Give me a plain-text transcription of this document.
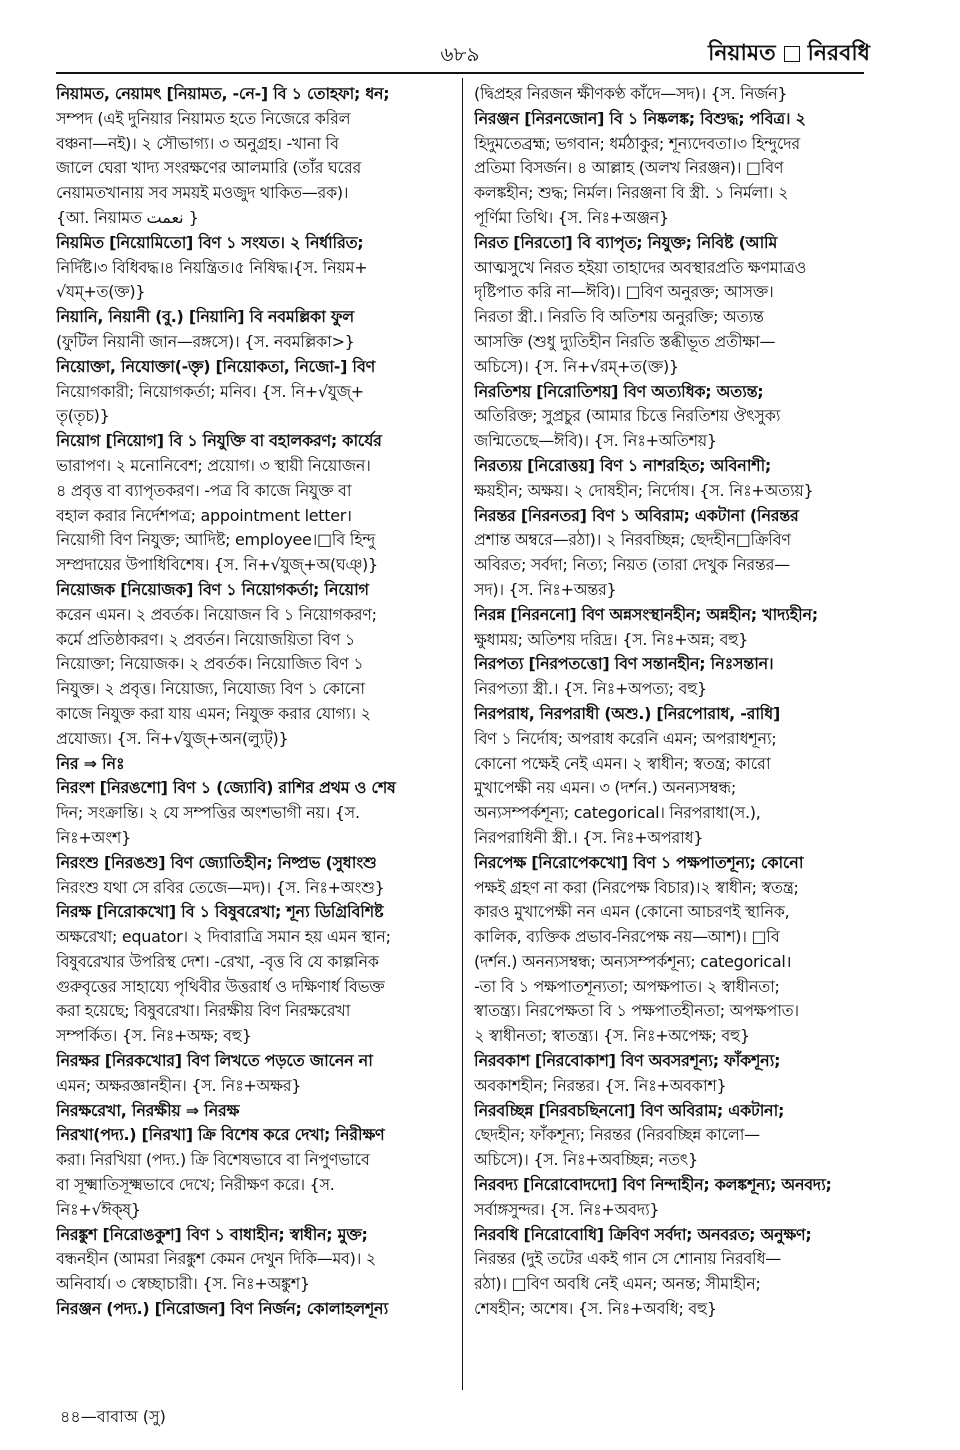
৬৮৯	নিয়ামত নিরবধি
নিয়ামত, নেয়ামৎ [নিয়ামত, -নে-] বি ১ তোহফা; ধন;
সম্পদ (এই দুনিয়ার নিয়ামত হতে নিজেরে করিল
বঞ্চনা—নই)। ২ সৌভাগ্য। ৩ অনুগ্রহ। -খানা বি
জালে ঘেরা খাদ্য সংরক্ষণের আলমারি (তাঁর ঘরের
নেয়ামতখানায় সব সময়ই মওজুদ থাকিত—রক)।
{আ. নিয়ামত نعمت }
নিয়মিত [নিয়োমিতো] বিণ ১ সংযত। ২ নির্ধারিত;
নির্দিষ্ট।৩ বিধিবদ্ধ।৪ নিয়ন্ত্রিত।৫ নিষিদ্ধ।{স. নিয়ম+
√যম্‌+ত(ক্ত)}
নিয়ানি, নিয়ানী (বু.) [নিয়ানি] বি নবমল্লিকা ফুল
(ফুটিল নিয়ানী জান—রঙ্গসে)। {স. নবমল্লিকা>}
নিয়োক্তা, নিযোক্তা(-ক্তৃ) [নিয়োকতা, নিজো-] বিণ
নিয়োগকারী; নিয়োগকর্তা; মনিব। {স. নি+√যুজ্‌+
তৃ(তৃচ)}
নিয়োগ [নিয়োগ] বি ১ নিযুক্তি বা বহালকরণ; কার্যের
ভারাপণ। ২ মনোনিবেশ; প্রয়োগ। ৩ স্থায়ী নিয়োজন।
৪ প্রবৃত্ত বা ব্যাপৃতকরণ। -পত্র বি কাজে নিযুক্ত বা
বহাল করার নির্দেশপত্র; appointment letter।
নিয়োগী বিণ নিযুক্ত; আদিষ্ট; employee।□বি হিন্দু
সম্প্রদায়ের উপাধিবিশেষ। {স. নি+√যুজ্‌+অ(ঘঞ্‌)}
নিয়োজক [নিয়োজক] বিণ ১ নিয়োগকর্তা; নিয়োগ
করেন এমন। ২ প্রবর্তক। নিয়োজন বি ১ নিয়োগকরণ;
কর্মে প্রতিষ্ঠাকরণ। ২ প্রবর্তন। নিয়োজয়িতা বিণ ১
নিয়োক্তা; নিয়োজক। ২ প্রবর্তক। নিয়োজিত বিণ ১
নিযুক্ত। ২ প্রবৃত্ত। নিয়োজ্য, নিযোজ্য বিণ ১ কোনো
কাজে নিযুক্ত করা যায় এমন; নিযুক্ত করার যোগ্য। ২
প্রযোজ্য। {স. নি+√যুজ্‌+অন(ল্যুট্‌)}
নির ⇒ নিঃ
নিরংশ [নিরঙশো] বিণ ১ (জ্যোবি) রাশির প্রথম ও শেষ
দিন; সংক্রান্তি। ২ যে সম্পত্তির অংশভাগী নয়। {স.
নিঃ+অংশ}
নিরংশু [নিরঙশু] বিণ জ্যোতিহীন; নিষ্প্রভ (সুধাংশু
নিরংশু যথা সে রবির তেজে—মদ)। {স. নিঃ+অংশু}
নিরক্ষ [নিরোকখো] বি ১ বিষুবরেখা; শূন্য ডিগ্রিবিশিষ্ট
অক্ষরেখা; equator। ২ দিবারাত্রি সমান হয় এমন স্থান;
বিষুবরেখার উপরিস্থ দেশ। -রেখা, -বৃত্ত বি যে কাল্পনিক
গুরুবৃত্তের সাহায্যে পৃথিবীর উত্তরার্ধ ও দক্ষিণার্ধ বিভক্ত
করা হয়েছে; বিষুবরেখা। নিরক্ষীয় বিণ নিরক্ষরেখা
সম্পর্কিত। {স. নিঃ+অক্ষ; বহু}
নিরক্ষর [নিরকখোর] বিণ লিখতে পড়তে জানেন না
এমন; অক্ষরজ্ঞানহীন। {স. নিঃ+অক্ষর}
নিরক্ষরেখা, নিরক্ষীয় ⇒ নিরক্ষ
নিরখা(পদ্য.) [নিরখা] ক্রি বিশেষ করে দেখা; নিরীক্ষণ
করা। নিরখিয়া (পদ্য.) ক্রি বিশেষভাবে বা নিপুণভাবে
বা সূক্ষ্মাতিসূক্ষ্মভাবে দেখে; নিরীক্ষণ করে। {স.
নিঃ+√ঈক্ষ্‌}
নিরঙ্কুশ [নিরোঙকুশ] বিণ ১ বাধাহীন; স্বাধীন; মুক্ত;
বন্ধনহীন (আমরা নিরঙ্কুশ কেমন দেখুন দিকি—মব)। ২
অনিবার্য। ৩ স্বেচ্ছাচারী। {স. নিঃ+অঙ্কুশ}
নিরঞ্জন (পদ্য.) [নিরোজন] বিণ নির্জন; কোলাহলশূন্য
(দ্বিপ্রহর নিরজন ক্ষীণকণ্ঠ কাঁদে—সদ)। {স. নির্জন}
নিরঞ্জন [নিরনজোন] বি ১ নিষ্কলঙ্ক; বিশুদ্ধ; পবিত্র। ২
হিদুমতেব্রহ্ম; ভগবান; ধর্মঠাকুর; শূন্যদেবতা।৩ হিন্দুদের
প্রতিমা বিসর্জন। ৪ আল্লাহ (অলখ নিরঞ্জন)। □বিণ
কলঙ্কহীন; শুদ্ধ; নির্মল। নিরঞ্জনা বি স্ত্রী. ১ নির্মলা। ২
পূর্ণিমা তিথি। {স. নিঃ+অঞ্জন}
নিরত [নিরতো] বি ব্যাপৃত; নিযুক্ত; নিবিষ্ট (আমি
আত্মসুখে নিরত হইয়া তাহাদের অবস্থারপ্রতি ক্ষণমাত্রও
দৃষ্টিপাত করি না—ঈবি)। □বিণ অনুরক্ত; আসক্ত।
নিরতা স্ত্রী.। নিরতি বি অতিশয় অনুরক্তি; অত্যন্ত
আসক্তি (শুধু দ্যুতিহীন নিরতি স্তব্ধীভূত প্রতীক্ষা—
অচিসে)। {স. নি+√রম্‌+ত(ক্ত)}
নিরতিশয় [নিরোতিশয়] বিণ অত্যধিক; অত্যন্ত;
অতিরিক্ত; সুপ্রচুর (আমার চিত্তে নিরতিশয় ঔৎসুক্য
জন্মিতেছে—ঈবি)। {স. নিঃ+অতিশয়}
নিরত্যয় [নিরোত্তয়] বিণ ১ নাশরহিত; অবিনাশী;
ক্ষয়হীন; অক্ষয়। ২ দোষহীন; নির্দোষ। {স. নিঃ+অত্যয়}
নিরন্তর [নিরনতর] বিণ ১ অবিরাম; একটানা (নিরন্তর
প্রশান্ত অম্বরে—রঠা)। ২ নিরবচ্ছিন্ন; ছেদহীন□ক্রিবিণ
অবিরত; সর্বদা; নিত্য; নিয়ত (তারা দেখুক নিরন্তর—
সদ)। {স. নিঃ+অন্তর}
নিরন্ন [নিরননো] বিণ অন্নসংস্থানহীন; অন্নহীন; খাদ্যহীন;
ক্ষুধাময়; অতিশয় দরিদ্র। {স. নিঃ+অন্ন; বহু}
নিরপত্য [নিরপতত্তো] বিণ সন্তানহীন; নিঃসন্তান।
নিরপত্যা স্ত্রী.। {স. নিঃ+অপত্য; বহু}
নিরপরাধ, নিরপরাধী (অশু.) [নিরপোরাধ, -রাধি]
বিণ ১ নির্দোষ; অপরাধ করেনি এমন; অপরাধশূন্য;
কোনো পক্ষেই নেই এমন। ২ স্বাধীন; স্বতন্ত্র; কারো
মুখাপেক্ষী নয় এমন। ৩ (দর্শন.) অনন্যসম্বন্ধ;
অন্যসম্পর্কশূন্য; categorical। নিরপরাধা(স.),
নিরপরাধিনী স্ত্রী.। {স. নিঃ+অপরাধ}
নিরপেক্ষ [নিরোপেকখো] বিণ ১ পক্ষপাতশূন্য; কোনো
পক্ষই গ্রহণ না করা (নিরপেক্ষ বিচার)।২ স্বাধীন; স্বতন্ত্র;
কারও মুখাপেক্ষী নন এমন (কোনো আচরণই স্থানিক,
কালিক, ব্যক্তিক প্রভাব-নিরপেক্ষ নয়—আশ)। □বি
(দর্শন.) অনন্যসম্বন্ধ; অন্যসম্পর্কশূন্য; categorical।
-তা বি ১ পক্ষপাতশূন্যতা; অপক্ষপাত। ২ স্বাধীনতা;
স্বাতন্ত্র্য। নিরপেক্ষতা বি ১ পক্ষপাতহীনতা; অপক্ষপাত।
২ স্বাধীনতা; স্বাতন্ত্র্য। {স. নিঃ+অপেক্ষ; বহু}
নিরবকাশ [নিরবোকাশ] বিণ অবসরশূন্য; ফাঁকশূন্য;
অবকাশহীন; নিরন্তর। {স. নিঃ+অবকাশ}
নিরবচ্ছিন্ন [নিরবচছিননো] বিণ অবিরাম; একটানা;
ছেদহীন; ফাঁকশূন্য; নিরন্তর (নিরবচ্ছিন্ন কালো—
অচিসে)। {স. নিঃ+অবচ্ছিন্ন; নতৎ}
নিরবদ্য [নিরোবোদদো] বিণ নিন্দাহীন; কলঙ্কশূন্য; অনবদ্য;
সর্বাঙ্গসুন্দর। {স. নিঃ+অবদ্য}
নিরবধি [নিরোবোধি] ক্রিবিণ সর্বদা; অনবরত; অনুক্ষণ;
নিরন্তর (দুই তটের একই গান সে শোনায় নিরবধি—
রঠা)। □বিণ অবধি নেই এমন; অনন্ত; সীমাহীন;
শেষহীন; অশেষ। {স. নিঃ+অবধি; বহু}
৪৪—বাবাঅ (সু)
